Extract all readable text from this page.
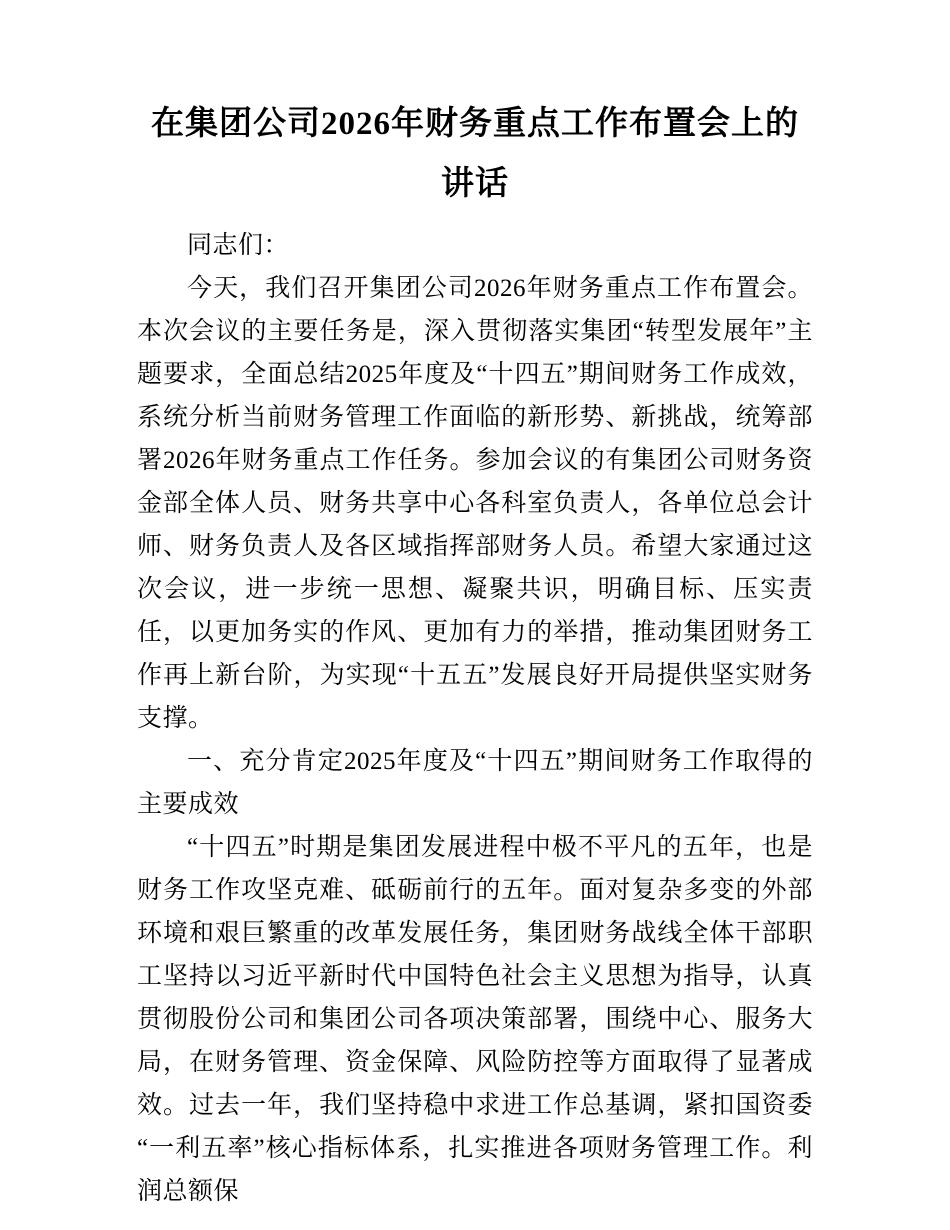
在集团公司2026年财务重点工作布置会上的讲话

同志们：

今天，我们召开集团公司2026年财务重点工作布置会。本次会议的主要任务是，深入贯彻落实集团“转型发展年”主题要求，全面总结2025年度及“十四五”期间财务工作成效，系统分析当前财务管理工作面临的新形势、新挑战，统筹部署2026年财务重点工作任务。参加会议的有集团公司财务资金部全体人员、财务共享中心各科室负责人，各单位总会计师、财务负责人及各区域指挥部财务人员。希望大家通过这次会议，进一步统一思想、凝聚共识，明确目标、压实责任，以更加务实的作风、更加有力的举措，推动集团财务工作再上新台阶，为实现“十五五”发展良好开局提供坚实财务支撑。

一、充分肯定2025年度及“十四五”期间财务工作取得的主要成效

“十四五”时期是集团发展进程中极不平凡的五年，也是财务工作攻坚克难、砥砺前行的五年。面对复杂多变的外部环境和艰巨繁重的改革发展任务，集团财务战线全体干部职工坚持以习近平新时代中国特色社会主义思想为指导，认真贯彻股份公司和集团公司各项决策部署，围绕中心、服务大局，在财务管理、资金保障、风险防控等方面取得了显著成效。过去一年，我们坚持稳中求进工作总基调，紧扣国资委“一利五率”核心指标体系，扎实推进各项财务管理工作。利润总额保
